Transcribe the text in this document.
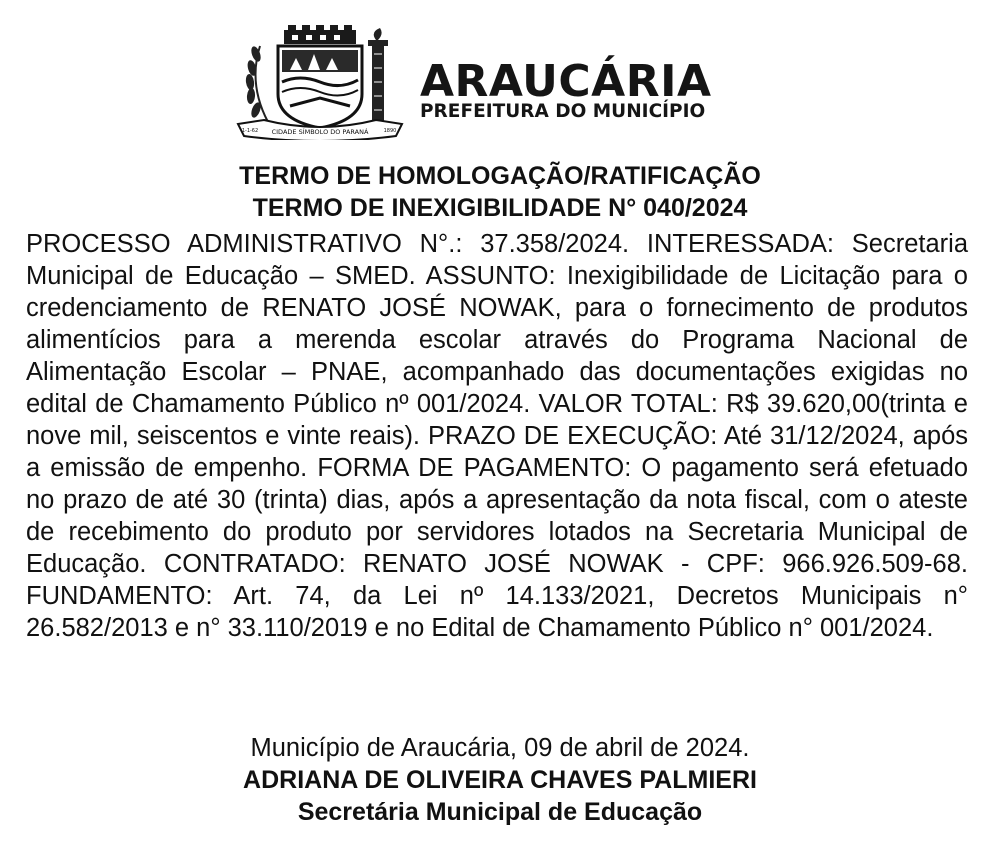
CIDADE SÍMBOLO DO PARANÁ
1-1-62	1890
ARAUCÁRIA
PREFEITURA DO MUNICÍPIO
TERMO DE HOMOLOGAÇÃO/RATIFICAÇÃO
TERMO DE INEXIGIBILIDADE N° 040/2024

PROCESSO ADMINISTRATIVO N°.: 37.358/2024. INTERESSADA: Secretaria Municipal de Educação – SMED. ASSUNTO: Inexigibilidade de Licitação para o credenciamento de RENATO JOSÉ NOWAK, para o fornecimento de produtos alimentícios para a merenda escolar através do Programa Nacional de Alimentação Escolar – PNAE, acompanhado das documentações exigidas no edital de Chamamento Público nº 001/2024. VALOR TOTAL: R$ 39.620,00(trinta e nove mil, seiscentos e vinte reais). PRAZO DE EXECUÇÃO: Até 31/12/2024, após a emissão de empenho. FORMA DE PAGAMENTO: O pagamento será efetuado no prazo de até 30 (trinta) dias, após a apresentação da nota fiscal, com o ateste de recebimento do produto por servidores lotados na Secretaria Municipal de Educação. CONTRATADO: RENATO JOSÉ NOWAK - CPF: 966.926.509-68. FUNDAMENTO: Art. 74, da Lei nº 14.133/2021, Decretos Municipais n° 26.582/2013 e n° 33.110/2019 e no Edital de Chamamento Público n° 001/2024.

Município de Araucária, 09 de abril de 2024.
ADRIANA DE OLIVEIRA CHAVES PALMIERI
Secretária Municipal de Educação
